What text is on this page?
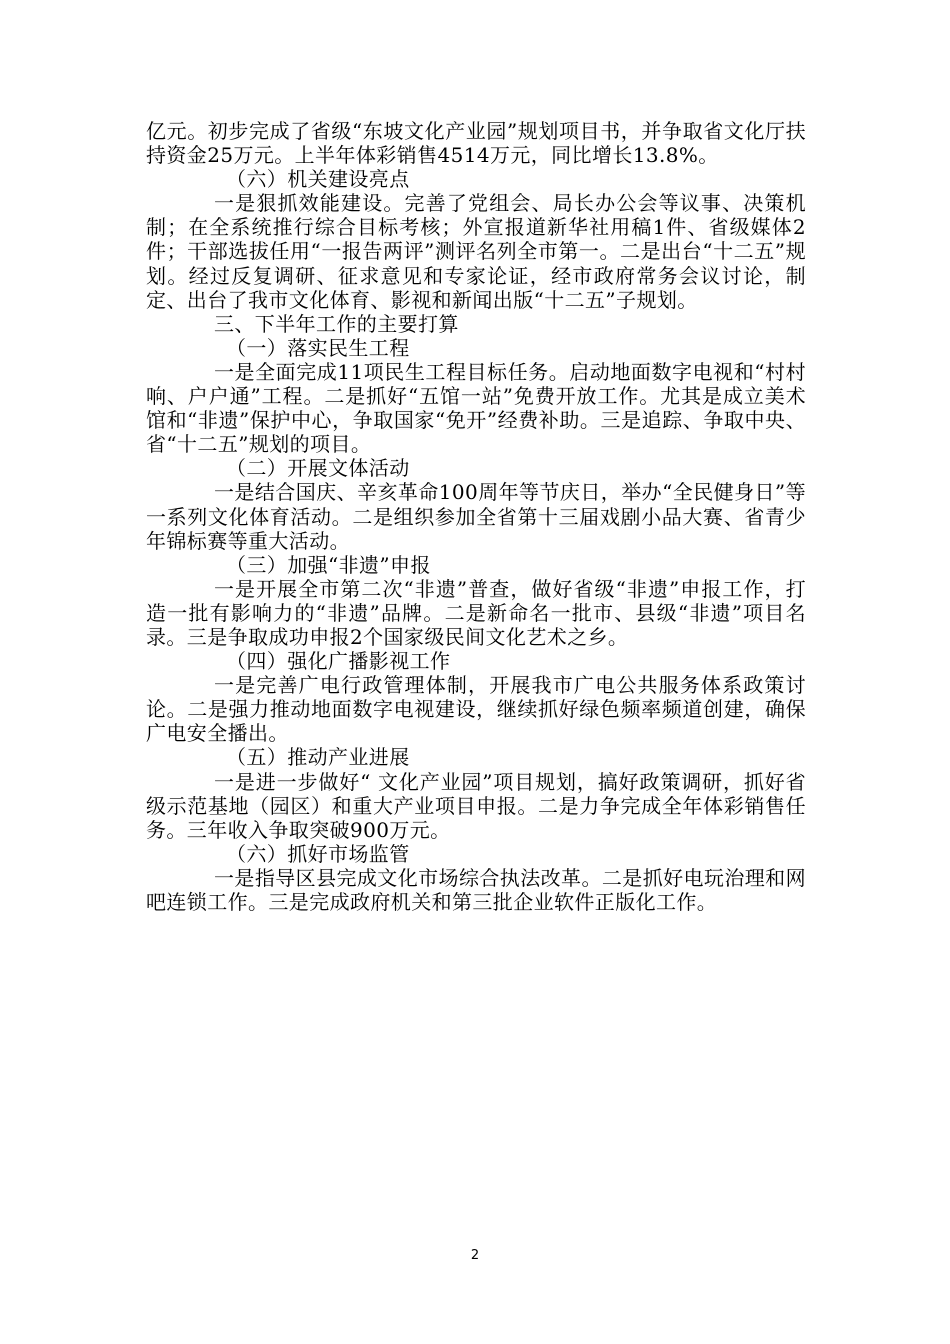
亿元。初步完成了省级“东坡文化产业园”规划项目书，并争取省文化厅扶持资金25万元。上半年体彩销售4514万元，同比增长13.8%。

（六）机关建设亮点

一是狠抓效能建设。完善了党组会、局长办公会等议事、决策机制；在全系统推行综合目标考核；外宣报道新华社用稿1件、省级媒体2件；干部选拔任用“一报告两评”测评名列全市第一。二是出台“十二五”规划。经过反复调研、征求意见和专家论证，经市政府常务会议讨论，制定、出台了我市文化体育、影视和新闻出版“十二五”子规划。

三、下半年工作的主要打算

（一）落实民生工程

一是全面完成11项民生工程目标任务。启动地面数字电视和“村村响、户户通”工程。二是抓好“五馆一站”免费开放工作。尤其是成立美术馆和“非遗”保护中心，争取国家“免开”经费补助。三是追踪、争取中央、省“十二五”规划的项目。

（二）开展文体活动

一是结合国庆、辛亥革命100周年等节庆日，举办“全民健身日”等一系列文化体育活动。二是组织参加全省第十三届戏剧小品大赛、省青少年锦标赛等重大活动。

（三）加强“非遗”申报

一是开展全市第二次“非遗”普查，做好省级“非遗”申报工作，打造一批有影响力的“非遗”品牌。二是新命名一批市、县级“非遗”项目名录。三是争取成功申报2个国家级民间文化艺术之乡。

（四）强化广播影视工作

一是完善广电行政管理体制，开展我市广电公共服务体系政策讨论。二是强力推动地面数字电视建设，继续抓好绿色频率频道创建，确保广电安全播出。

（五）推动产业进展

一是进一步做好“ 文化产业园”项目规划，搞好政策调研，抓好省级示范基地（园区）和重大产业项目申报。二是力争完成全年体彩销售任务。三年收入争取突破900万元。

（六）抓好市场监管

一是指导区县完成文化市场综合执法改革。二是抓好电玩治理和网吧连锁工作。三是完成政府机关和第三批企业软件正版化工作。

2
